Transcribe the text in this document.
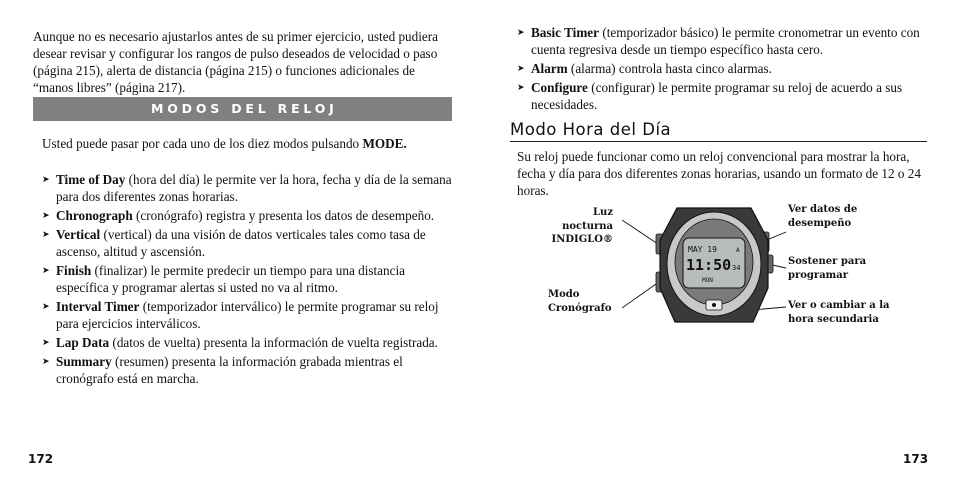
Aunque no es necesario ajustarlos antes de su primer ejercicio, usted pudiera desear revisar y configurar los rangos de pulso deseados de velocidad o paso (página 215), alerta de distancia (página 215) o funciones adicionales de “manos libres” (página 217).

MODOS DEL RELOJ

Usted puede pasar por cada uno de los diez modos pulsando MODE.

➤ Time of Day (hora del día) le permite ver la hora, fecha y día de la semana para dos diferentes zonas horarias.
➤ Chronograph (cronógrafo) registra y presenta los datos de desempeño.
➤ Vertical (vertical) da una visión de datos verticales tales como tasa de ascenso, altitud y ascensión.
➤ Finish (finalizar) le permite predecir un tiempo para una distancia específica y programar alertas si usted no va al ritmo.
➤ Interval Timer (temporizador interválico) le permite programar su reloj para ejercicios interválicos.
➤ Lap Data (datos de vuelta) presenta la información de vuelta registrada.
➤ Summary (resumen) presenta la información grabada mientras el cronógrafo está en marcha.
172
➤ Basic Timer (temporizador básico) le permite cronometrar un evento con cuenta regresiva desde un tiempo específico hasta cero.
➤ Alarm (alarma) controla hasta cinco alarmas.
➤ Configure (configurar) le permite programar su reloj de acuerdo a sus necesidades.
Modo Hora del Día

Su reloj puede funcionar como un reloj convencional para mostrar la hora, fecha y día para dos diferentes zonas horarias, usando un formato de 12 o 24 horas.

MAY 19	A
11:50 34
MON
Luz
nocturna
INDIGLO®
Modo
Cronógrafo
Ver datos de
desempeño
Sostener para
programar
Ver o cambiar a la
hora secundaria
173
